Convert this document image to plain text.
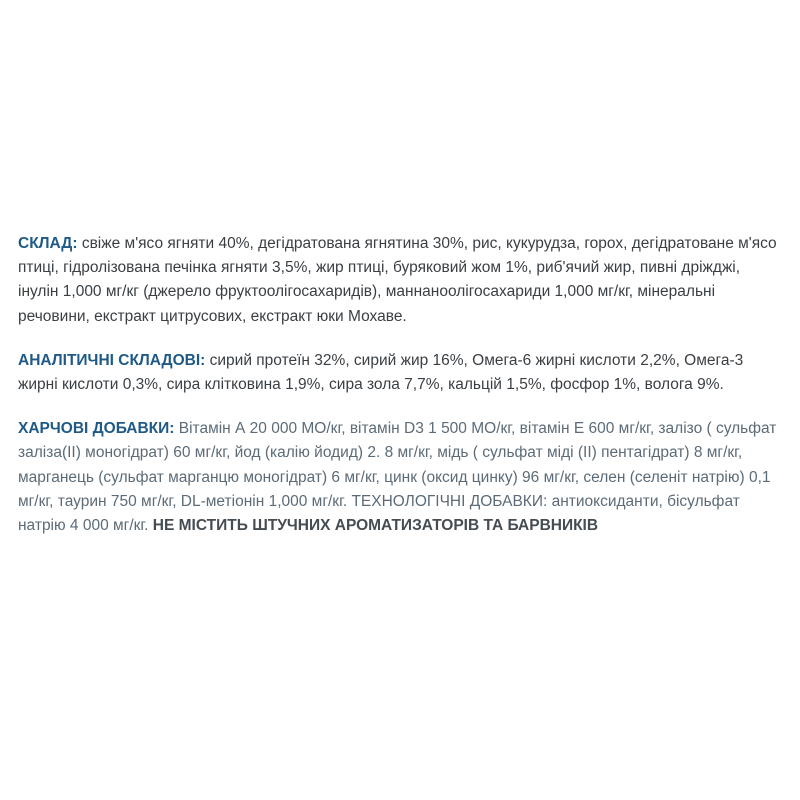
СКЛАД: свіже м'ясо ягняти 40%, дегідратована ягнятина 30%, рис, кукурудза, горох, дегідратоване м'ясо птиці, гідролізована печінка ягняти 3,5%, жир птиці, буряковий жом 1%, риб'ячий жир, пивні дріжджі, інулін 1,000 мг/кг (джерело фруктоолігосахаридів), маннаноолігосахариди 1,000 мг/кг, мінеральні речовини, екстракт цитрусових, екстракт юки Мохаве.

АНАЛІТИЧНІ СКЛАДОВІ: сирий протеїн 32%, сирий жир 16%, Омега-6 жирні кислоти 2,2%, Омега-3 жирні кислоти 0,3%, сира клітковина 1,9%, сира зола 7,7%, кальцій 1,5%, фосфор 1%, волога 9%.

ХАРЧОВІ ДОБАВКИ: Вітамін А 20 000 МО/кг, вітамін D3 1 500 МО/кг, вітамін Е 600 мг/кг, залізо ( сульфат заліза(ІІ) моногідрат) 60 мг/кг, йод (калію йодид) 2. 8 мг/кг, мідь ( сульфат міді (ІІ) пентагідрат) 8 мг/кг, марганець (сульфат марганцю моногідрат) 6 мг/кг, цинк (оксид цинку) 96 мг/кг, селен (селеніт натрію) 0,1 мг/кг, таурин 750 мг/кг, DL-метіонін 1,000 мг/кг. ТЕХНОЛОГІЧНІ ДОБАВКИ: антиоксиданти, бісульфат натрію 4 000 мг/кг. НЕ МІСТИТЬ ШТУЧНИХ АРОМАТИЗАТОРІВ ТА БАРВНИКІВ
